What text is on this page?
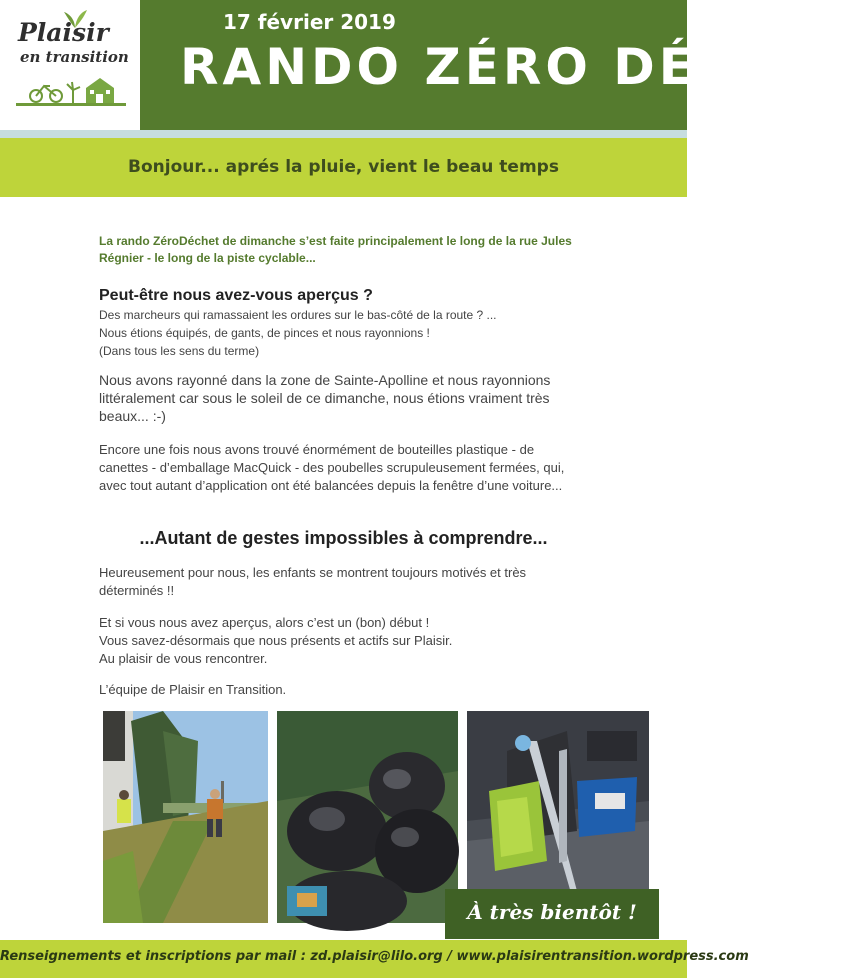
Plaisir
en transition
17 février 2019
RANDO ZÉRO DÉCHET
Bonjour... aprés la pluie, vient le beau temps
La rando ZéroDéchet de dimanche s’est faite principalement le long de la rue Jules Régnier - le long de la piste cyclable...
Peut-être nous avez-vous aperçus ?
Des marcheurs qui ramassaient les ordures sur le bas-côté de la route ? ...
Nous étions équipés, de gants, de pinces et nous rayonnions !
(Dans tous les sens du terme)
Nous avons rayonné dans la zone de Sainte-Apolline et nous rayonnions littéralement car sous le soleil de ce dimanche, nous étions vraiment très beaux... :-)
Encore une fois nous avons trouvé énormément de bouteilles plastique - de canettes - d’emballage MacQuick - des poubelles scrupuleusement fermées, qui, avec tout autant d’application ont été balancées depuis la fenêtre d’une voiture...
...Autant de gestes impossibles à comprendre...
Heureusement pour nous, les enfants se montrent toujours motivés et très déterminés !!
Et si vous nous avez aperçus, alors c’est un (bon) début !
Vous savez-désormais que nous présents et actifs sur Plaisir.
Au plaisir de vous rencontrer.
L’équipe de Plaisir en Transition.
À très bientôt !
Renseignements et inscriptions par mail : zd.plaisir@lilo.org / www.plaisirentransition.wordpress.com
